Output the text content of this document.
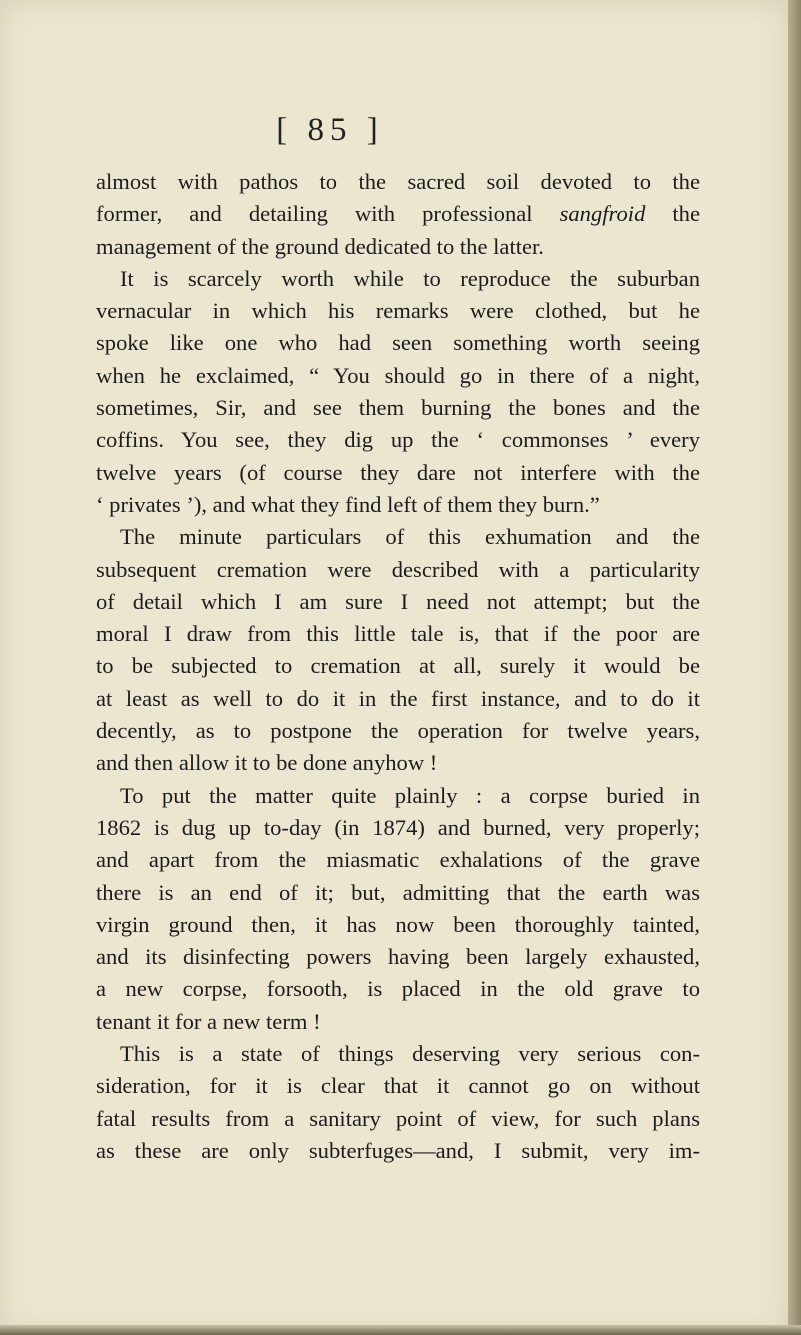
[ 85 ]
almost with pathos to the sacred soil devoted to the
former, and detailing with professional sangfroid the
management of the ground dedicated to the latter.
It is scarcely worth while to reproduce the suburban
vernacular in which his remarks were clothed, but he
spoke like one who had seen something worth seeing
when he exclaimed, “ You should go in there of a night,
sometimes, Sir, and see them burning the bones and the
coffins. You see, they dig up the ‘ commonses ’ every
twelve years (of course they dare not interfere with the
‘ privates ’), and what they find left of them they burn.”
The minute particulars of this exhumation and the
subsequent cremation were described with a particularity
of detail which I am sure I need not attempt; but the
moral I draw from this little tale is, that if the poor are
to be subjected to cremation at all, surely it would be
at least as well to do it in the first instance, and to do it
decently, as to postpone the operation for twelve years,
and then allow it to be done anyhow !
To put the matter quite plainly : a corpse buried in
1862 is dug up to-day (in 1874) and burned, very properly;
and apart from the miasmatic exhalations of the grave
there is an end of it; but, admitting that the earth was
virgin ground then, it has now been thoroughly tainted,
and its disinfecting powers having been largely exhausted,
a new corpse, forsooth, is placed in the old grave to
tenant it for a new term !
This is a state of things deserving very serious con-
sideration, for it is clear that it cannot go on without
fatal results from a sanitary point of view, for such plans
as these are only subterfuges—and, I submit, very im-
